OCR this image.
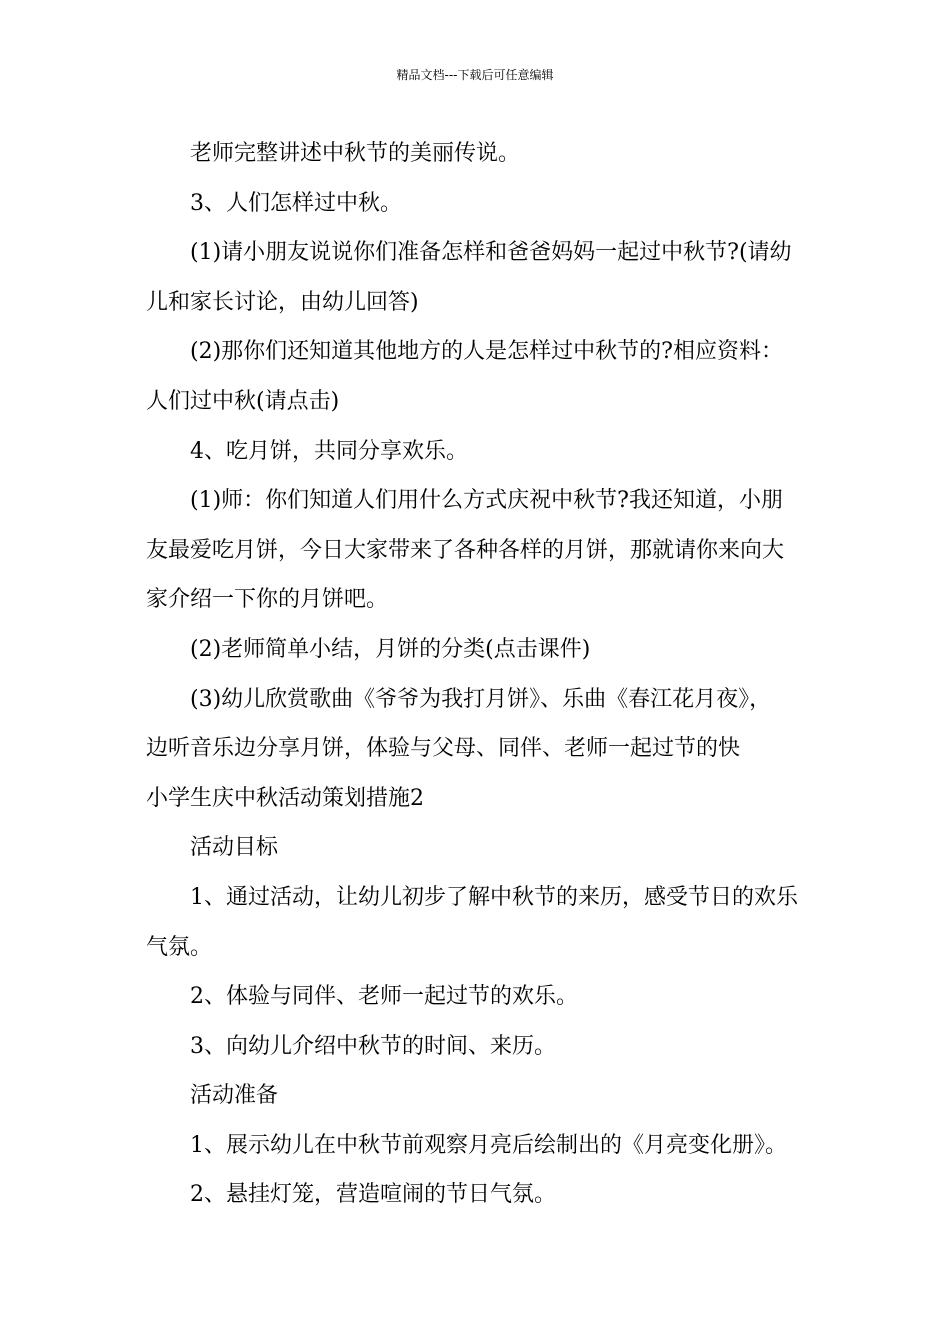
精品文档---下载后可任意编辑
老师完整讲述中秋节的美丽传说。
3、人们怎样过中秋。
(1)请小朋友说说你们准备怎样和爸爸妈妈一起过中秋节?(请幼
儿和家长讨论，由幼儿回答)
(2)那你们还知道其他地方的人是怎样过中秋节的?相应资料：
人们过中秋(请点击)
4、吃月饼，共同分享欢乐。
(1)师：你们知道人们用什么方式庆祝中秋节?我还知道，小朋
友最爱吃月饼，今日大家带来了各种各样的月饼，那就请你来向大
家介绍一下你的月饼吧。
(2)老师简单小结，月饼的分类(点击课件)
(3)幼儿欣赏歌曲《爷爷为我打月饼》、乐曲《春江花月夜》，
边听音乐边分享月饼，体验与父母、同伴、老师一起过节的快
小学生庆中秋活动策划措施2
活动目标
1、通过活动，让幼儿初步了解中秋节的来历，感受节日的欢乐
气氛。
2、体验与同伴、老师一起过节的欢乐。
3、向幼儿介绍中秋节的时间、来历。
活动准备
1、展示幼儿在中秋节前观察月亮后绘制出的《月亮变化册》。
2、悬挂灯笼，营造喧闹的节日气氛。
